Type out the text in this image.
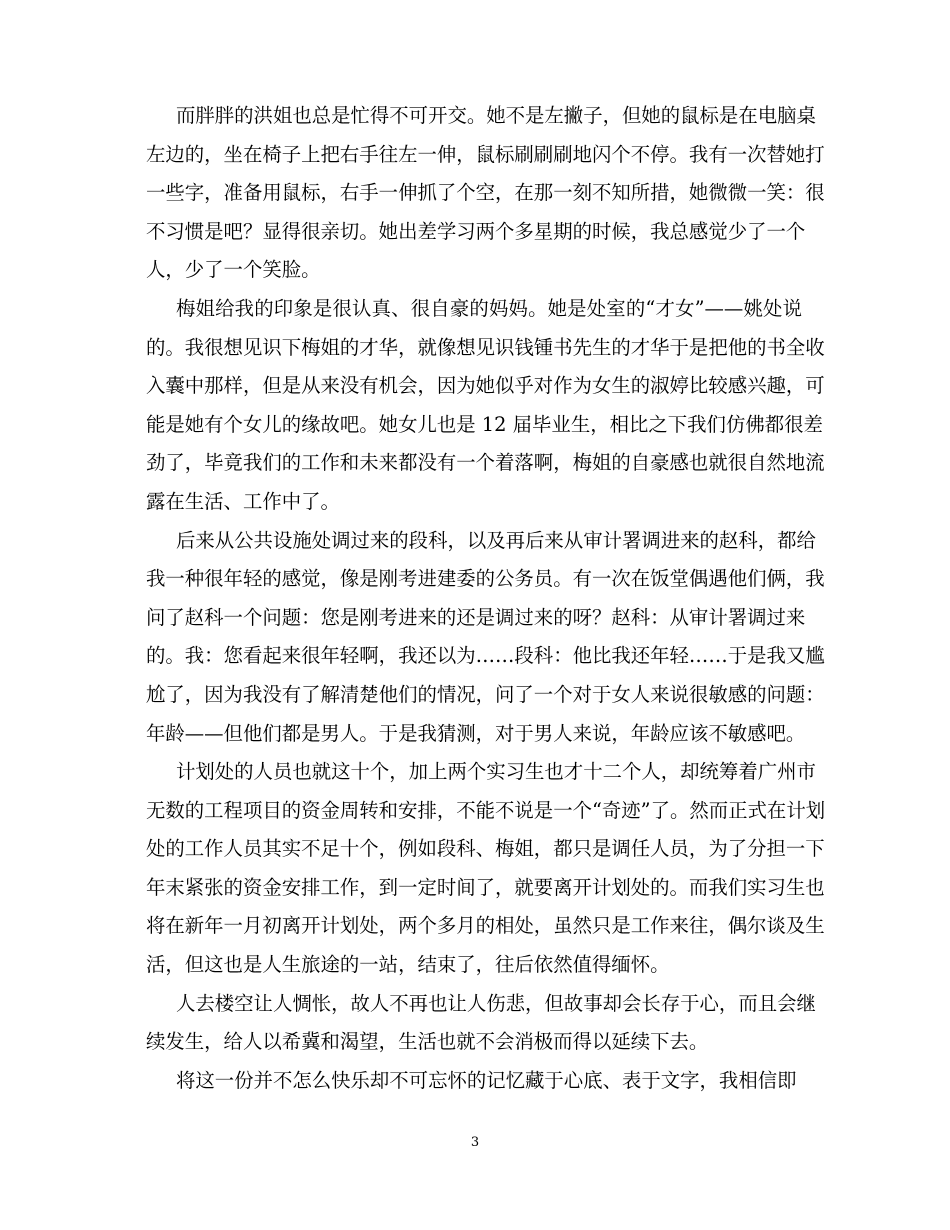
而胖胖的洪姐也总是忙得不可开交。她不是左撇子，但她的鼠标是在电脑桌
左边的，坐在椅子上把右手往左一伸，鼠标刷刷刷地闪个不停。我有一次替她打
一些字，准备用鼠标，右手一伸抓了个空，在那一刻不知所措，她微微一笑：很
不习惯是吧？显得很亲切。她出差学习两个多星期的时候，我总感觉少了一个
人，少了一个笑脸。
梅姐给我的印象是很认真、很自豪的妈妈。她是处室的“才女”——姚处说
的。我很想见识下梅姐的才华，就像想见识钱锺书先生的才华于是把他的书全收
入囊中那样，但是从来没有机会，因为她似乎对作为女生的淑婷比较感兴趣，可
能是她有个女儿的缘故吧。她女儿也是 12 届毕业生，相比之下我们仿佛都很差
劲了，毕竟我们的工作和未来都没有一个着落啊，梅姐的自豪感也就很自然地流
露在生活、工作中了。
后来从公共设施处调过来的段科，以及再后来从审计署调进来的赵科，都给
我一种很年轻的感觉，像是刚考进建委的公务员。有一次在饭堂偶遇他们俩，我
问了赵科一个问题：您是刚考进来的还是调过来的呀？赵科：从审计署调过来
的。我：您看起来很年轻啊，我还以为……段科：他比我还年轻……于是我又尴
尬了，因为我没有了解清楚他们的情况，问了一个对于女人来说很敏感的问题：
年龄——但他们都是男人。于是我猜测，对于男人来说，年龄应该不敏感吧。
计划处的人员也就这十个，加上两个实习生也才十二个人，却统筹着广州市
无数的工程项目的资金周转和安排，不能不说是一个“奇迹”了。然而正式在计划
处的工作人员其实不足十个，例如段科、梅姐，都只是调任人员，为了分担一下
年末紧张的资金安排工作，到一定时间了，就要离开计划处的。而我们实习生也
将在新年一月初离开计划处，两个多月的相处，虽然只是工作来往，偶尔谈及生
活，但这也是人生旅途的一站，结束了，往后依然值得缅怀。
人去楼空让人惆怅，故人不再也让人伤悲，但故事却会长存于心，而且会继
续发生，给人以希冀和渴望，生活也就不会消极而得以延续下去。
将这一份并不怎么快乐却不可忘怀的记忆藏于心底、表于文字，我相信即
3
